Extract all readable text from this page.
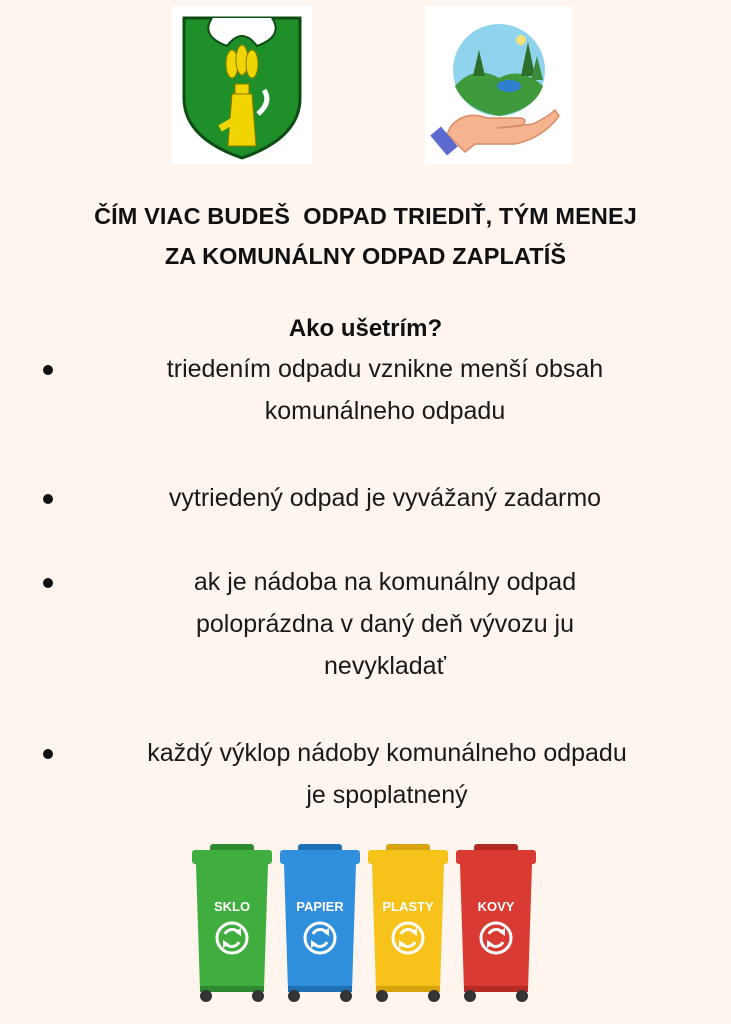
ČÍM VIAC BUDEŠ  ODPAD TRIEDIŤ, TÝM MENEJ
ZA KOMUNÁLNY ODPAD ZAPLATÍŠ
Ako ušetrím?
triedením odpadu vznikne menší obsah
komunálneho odpadu
vytriedený odpad je vyvážaný zadarmo
ak je nádoba na komunálny odpad
poloprázdna v daný deň vývozu ju
nevykladať
každý výklop nádoby komunálneho odpadu
je spoplatnený
SKLO	PAPIER	PLASTY	KOVY
